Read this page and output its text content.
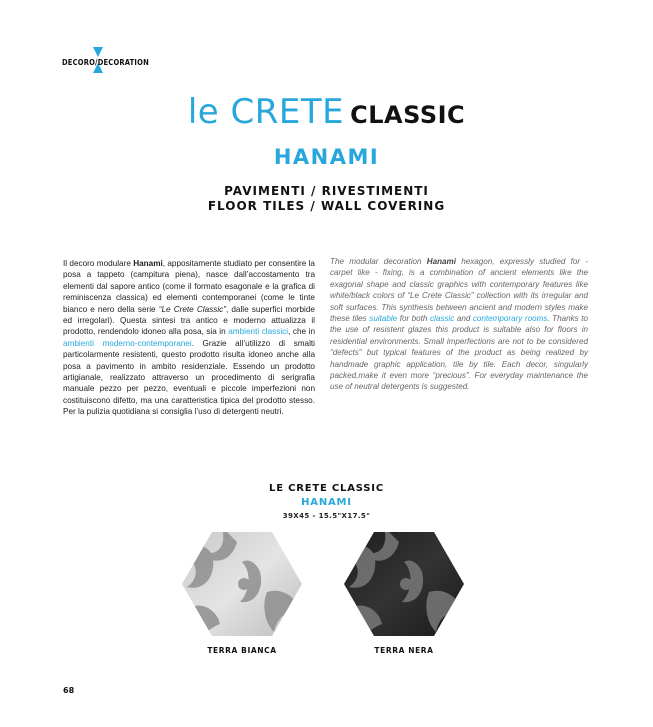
DECORO/DECORATION
le CRETE CLASSIC
HANAMI
PAVIMENTI / RIVESTIMENTI
FLOOR TILES / WALL COVERING
Il decoro modulare Hanami, appositamente studiato per consentire la posa a tappeto (campitura piena), nasce dall’accostamento tra elementi dal sapore antico (come il formato esagonale e la grafica di reminiscenza classica) ed elementi contemporanei (come le tinte bianco e nero della serie “Le Crete Classic”, dalle superfici morbide ed irregolari). Questa sintesi tra antico e moderno attualizza il prodotto, rendendolo idoneo alla posa, sia in ambienti classici, che in ambienti moderno-contemporanei. Grazie all’utilizzo di smalti particolarmente resistenti, questo prodotto risulta idoneo anche alla posa a pavimento in ambito residenziale. Essendo un prodotto artigianale, realizzato attraverso un procedimento di serigrafia manuale pezzo per pezzo, eventuali e piccole imperfezioni non costituiscono difetto, ma una caratteristica tipica del prodotto stesso. Per la pulizia quotidiana si consiglia l’uso di detergenti neutri.
The modular decoration Hanami hexagon, expressly studied for - carpet like - fixing, is a combination of ancient elements like the exagonal shape and classic graphics with contemporary features like white/black colors of “Le Crete Classic” collection with its irregular and soft surfaces. This synthesis between ancient and modern styles make these tiles suitable for both classic and contemporary rooms. Thanks to the use of resistent glazes this product is suitable also for floors in residential environments. Small imperfections are not to be considered “defects” but typical features of the product as being realized by handmade graphic application, tile by tile. Each decor, singularly packed,make it even more “precious”. For everyday maintenance the use of neutral detergents is suggested.
LE CRETE CLASSIC
HANAMI
39X45 - 15.5"X17.5"
TERRA BIANCA	TERRA NERA
68
